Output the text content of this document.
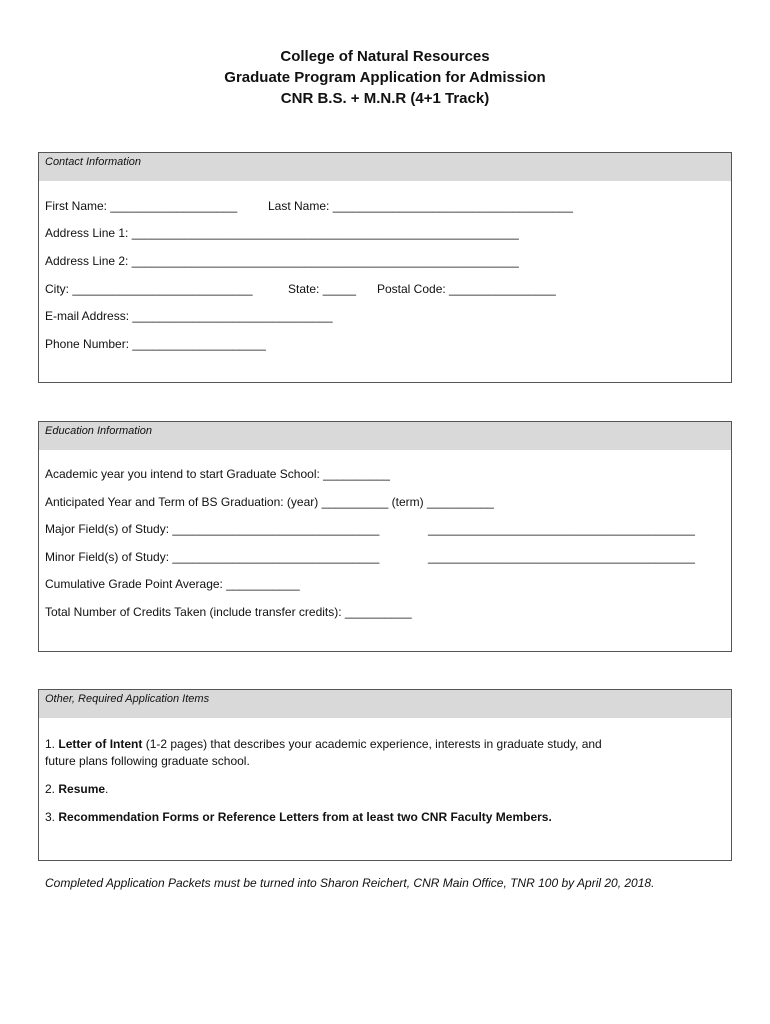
College of Natural Resources
Graduate Program Application for Admission
CNR B.S. + M.N.R (4+1 Track)
Contact Information
First Name: ___________________	Last Name: ____________________________________
Address Line 1: __________________________________________________________
Address Line 2: __________________________________________________________
City: ___________________________	State: _____ Postal Code: ________________
E-mail Address: ______________________________
Phone Number: ____________________
Education Information
Academic year you intend to start Graduate School: __________
Anticipated Year and Term of BS Graduation: (year) __________ (term) __________
Major Field(s) of Study: _______________________________	________________________________________
Minor Field(s) of Study: _______________________________	________________________________________
Cumulative Grade Point Average: ___________
Total Number of Credits Taken (include transfer credits): __________
Other, Required Application Items
1. Letter of Intent (1-2 pages) that describes your academic experience, interests in graduate study, and
future plans following graduate school.
2. Resume.
3. Recommendation Forms or Reference Letters from at least two CNR Faculty Members.
Completed Application Packets must be turned into Sharon Reichert, CNR Main Office, TNR 100 by April 20, 2018.
